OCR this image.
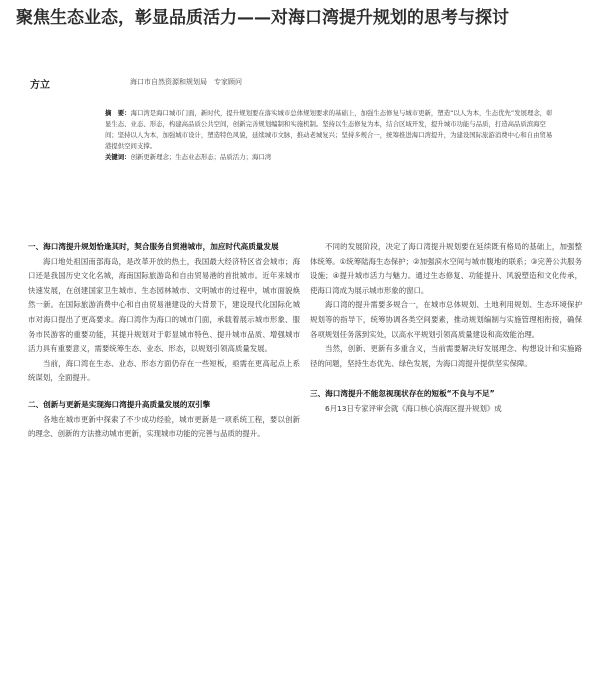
聚焦生态业态，彰显品质活力——对海口湾提升规划的思考与探讨
方立	海口市自然资源和规划局　专家顾问
摘　要：海口湾是海口城市门面，新时代，提升规划要在落实城市总体规划要求的基础上，加强生态修复与城市更新，塑造“以人为本，生态优先”发展理念，彰显生态、业态、形态，构建高品质公共空间，创新完善规划编制和实施机制。坚持以生态修复为本，结合区域开发，提升城市功能与品质，打造高品质滨海空间；坚持以人为本，加强城市设计，塑造特色风貌，延续城市文脉，推动老城复兴；坚持多规合一，统筹推进海口湾提升，为建设国际旅游消费中心和自由贸易港提供空间支撑。
关键词：创新更新理念；生态业态形态；品质活力；海口湾
一、海口湾提升规划恰逢其时，契合服务自贸港城市，加应时代高质量发展

海口地处祖国南部海岛，是改革开放的热土，我国最大经济特区省会城市；海口还是我国历史文化名城，海南国际旅游岛和自由贸易港的首批城市。近年来城市快速发展，在创建国家卫生城市、生态园林城市、文明城市的过程中，城市面貌焕然一新。在国际旅游消费中心和自由贸易港建设的大背景下，建设现代化国际化城市对海口提出了更高要求。海口湾作为海口的城市门面，承载着展示城市形象、服务市民游客的重要功能，其提升规划对于彰显城市特色、提升城市品质、增强城市活力具有重要意义，需要统筹生态、业态、形态，以规划引领高质量发展。

当前，海口湾在生态、业态、形态方面仍存在一些短板，亟需在更高起点上系统谋划，全面提升。

二、创新与更新是实现海口湾提升高质量发展的双引擎

各地在城市更新中探索了不少成功经验，城市更新是一项系统工程，要以创新的理念、创新的方法推动城市更新，实现城市功能的完善与品质的提升。

不同的发展阶段，决定了海口湾提升规划要在延续既有格局的基础上，加强整体统筹。①统筹陆海生态保护；②加强滨水空间与城市腹地的联系；③完善公共服务设施；④提升城市活力与魅力。通过生态修复、功能提升、风貌塑造和文化传承，使海口湾成为展示城市形象的窗口。

海口湾的提升需要多规合一，在城市总体规划、土地利用规划、生态环境保护规划等的指导下，统筹协调各类空间要素，推动规划编制与实施管理相衔接，确保各项规划任务落到实处，以高水平规划引领高质量建设和高效能治理。

当然，创新、更新有多重含义，当前需要解决好发展理念、构想设计和实施路径的问题，坚持生态优先、绿色发展，为海口湾提升提供坚实保障。

三、海口湾提升不能忽视现状存在的短板“不良与不足”

6月13日专家评审会就《海口核心滨海区提升规划》成
